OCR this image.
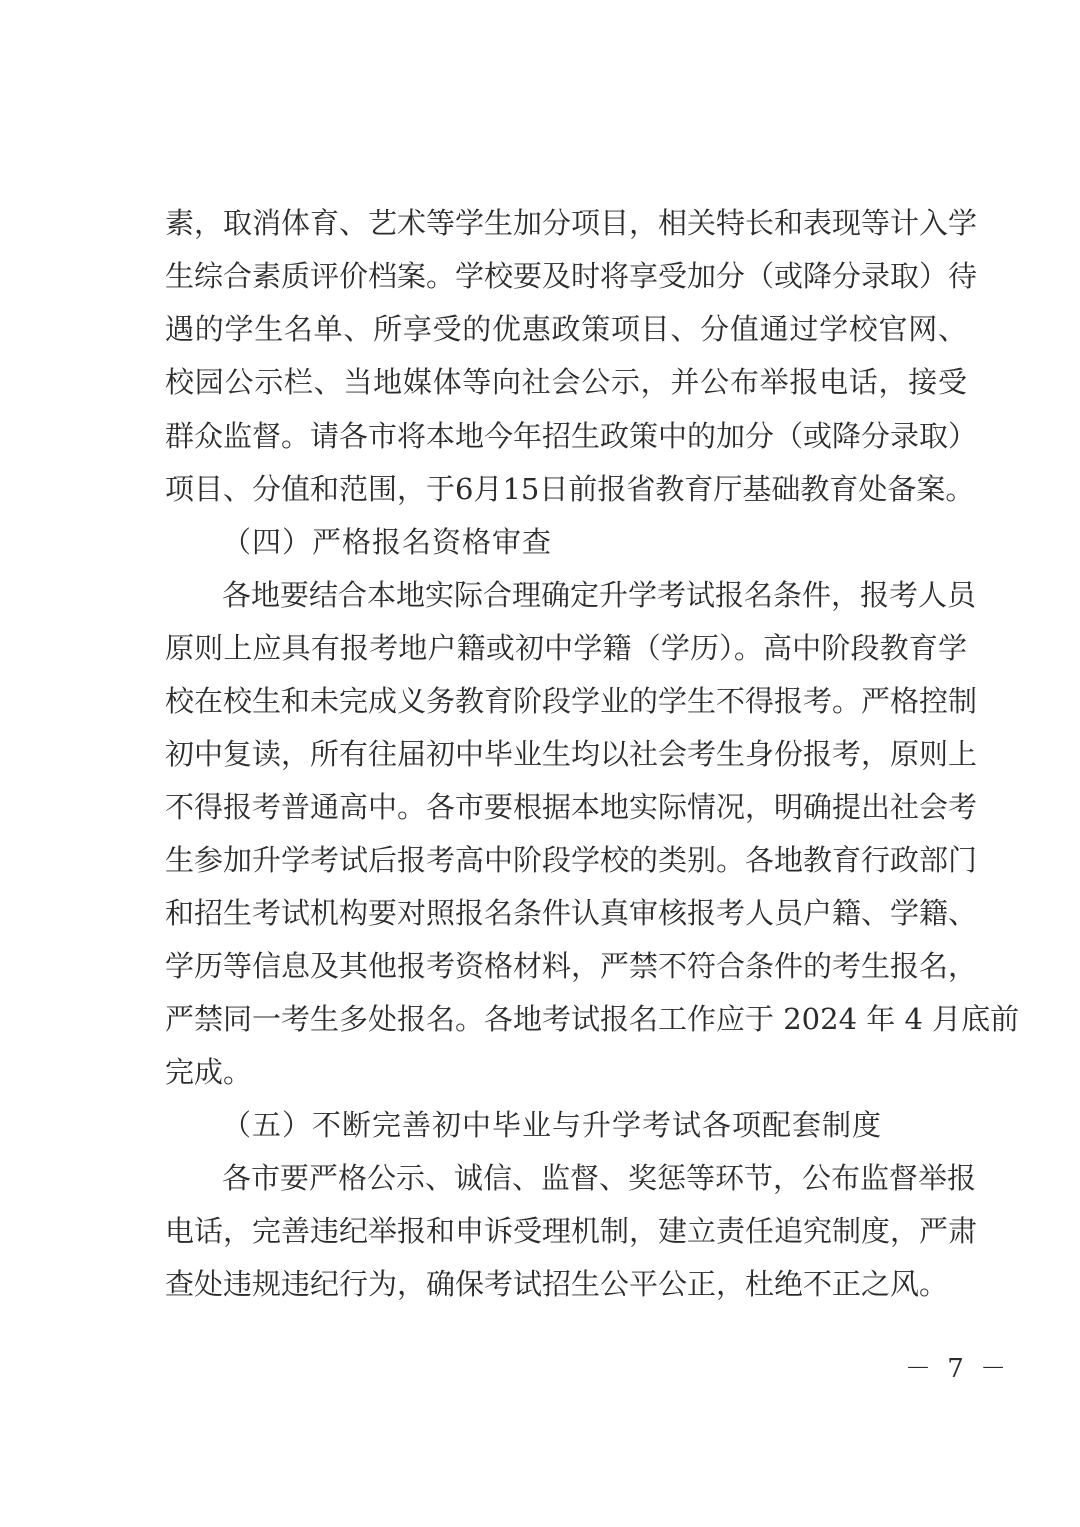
素，取消体育、艺术等学生加分项目，相关特长和表现等计入学
生综合素质评价档案。学校要及时将享受加分（或降分录取）待
遇的学生名单、所享受的优惠政策项目、分值通过学校官网、
校园公示栏、当地媒体等向社会公示，并公布举报电话，接受
群众监督。请各市将本地今年招生政策中的加分（或降分录取）
项目、分值和范围，于6月15日前报省教育厅基础教育处备案。
（四）严格报名资格审查
各地要结合本地实际合理确定升学考试报名条件，报考人员
原则上应具有报考地户籍或初中学籍（学历）。高中阶段教育学
校在校生和未完成义务教育阶段学业的学生不得报考。严格控制
初中复读，所有往届初中毕业生均以社会考生身份报考，原则上
不得报考普通高中。各市要根据本地实际情况，明确提出社会考
生参加升学考试后报考高中阶段学校的类别。各地教育行政部门
和招生考试机构要对照报名条件认真审核报考人员户籍、学籍、
学历等信息及其他报考资格材料，严禁不符合条件的考生报名，
严禁同一考生多处报名。各地考试报名工作应于 2024 年 4 月底前
完成。
（五）不断完善初中毕业与升学考试各项配套制度
各市要严格公示、诚信、监督、奖惩等环节，公布监督举报
电话，完善违纪举报和申诉受理机制，建立责任追究制度，严肃
查处违规违纪行为，确保考试招生公平公正，杜绝不正之风。
－ 7 －
